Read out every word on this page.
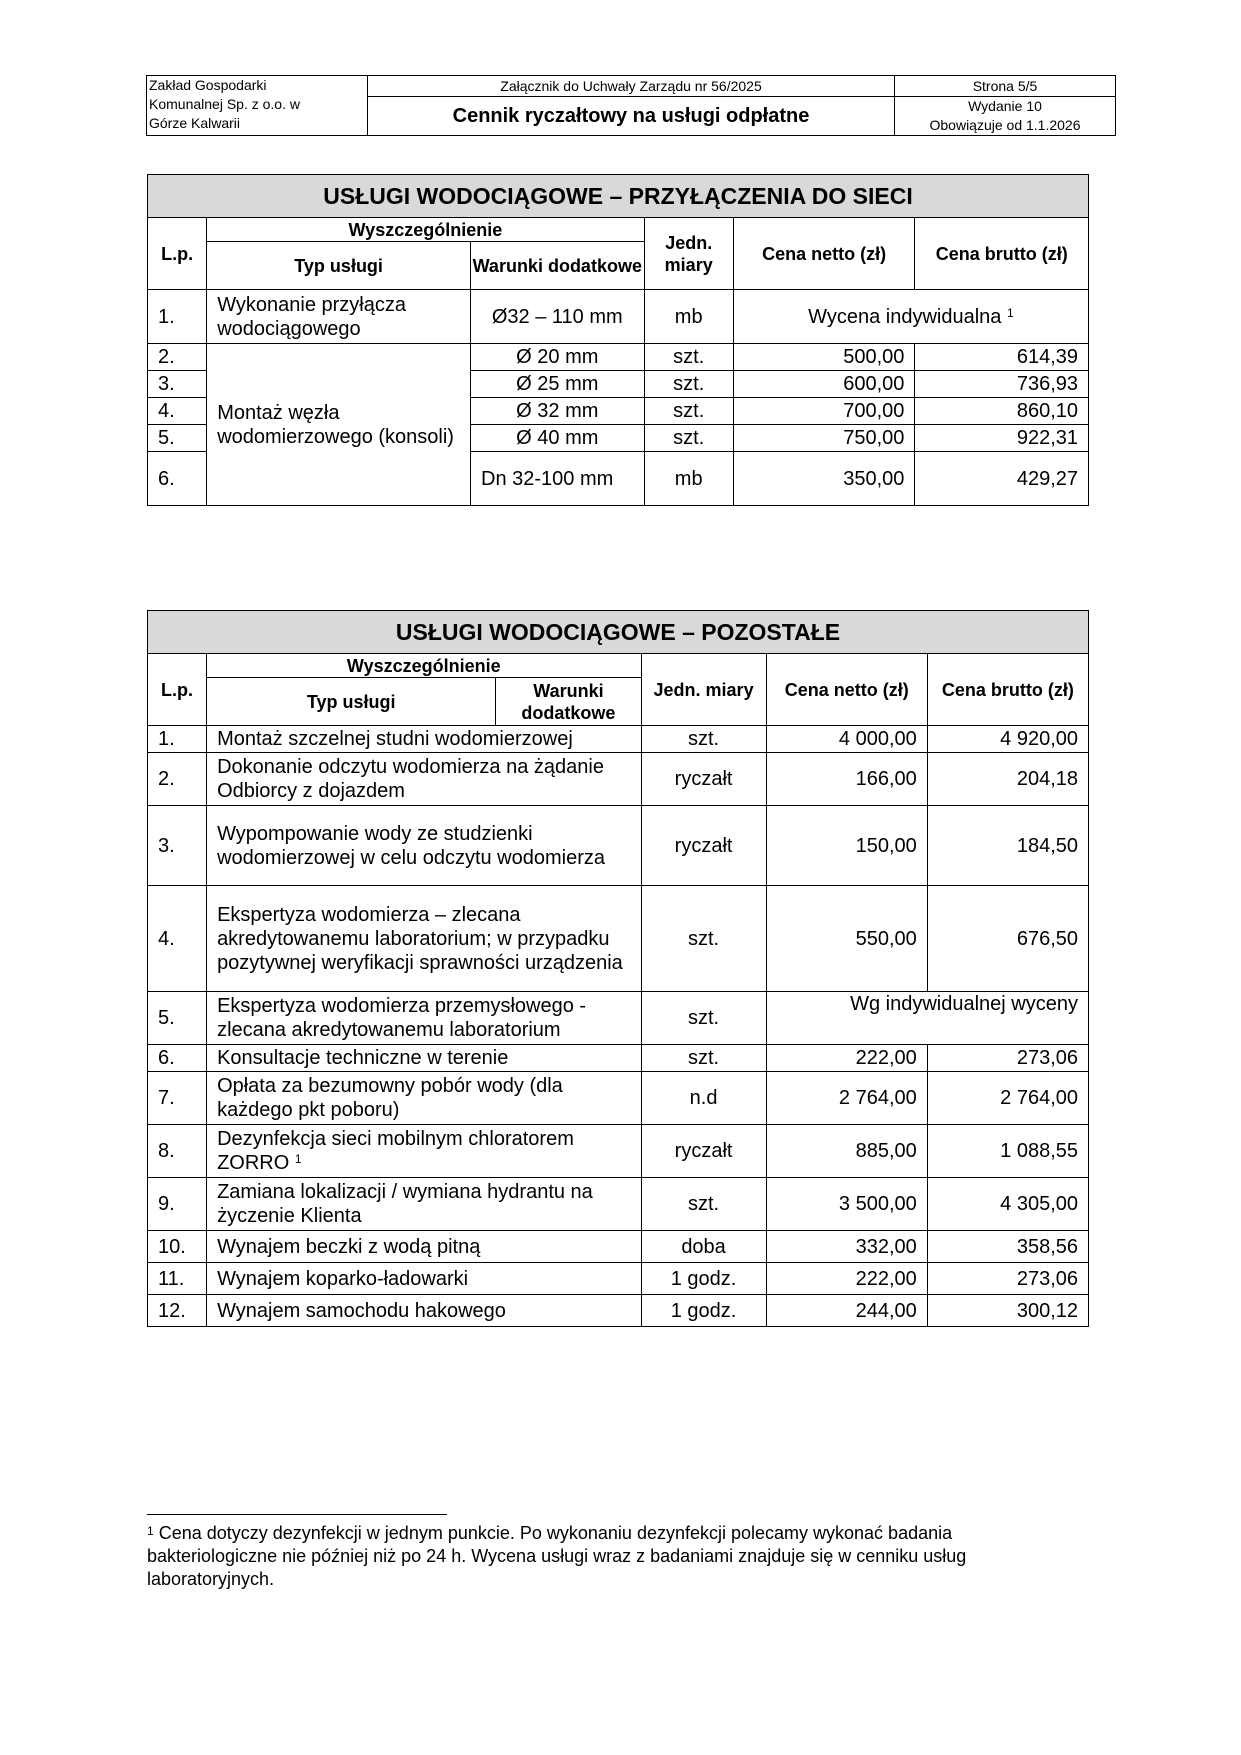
Zakład Gospodarki
Komunalnej Sp. z o.o. w
Górze Kalwarii	Załącznik do Uchwały Zarządu nr 56/2025	Strona 5/5
	Cennik ryczałtowy na usługi odpłatne	Wydanie 10
Obowiązuje od 1.1.2026
USŁUGI WODOCIĄGOWE – PRZYŁĄCZENIA DO SIECI					
L.p.	Wyszczególnienie		Jedn. miary	Cena netto (zł)	Cena brutto (zł)
	Typ usługi	Warunki dodatkowe			
1.	Wykonanie przyłącza wodociągowego	Ø32 – 110 mm	mb	Wycena indywidualna $^1$
2.	Montaż węzła wodomierzowego (konsoli)	Ø 20 mm	szt.	500,00	614,39
3.		Ø 25 mm	szt.	600,00	736,93
4.		Ø 32 mm	szt.	700,00	860,10
5.		Ø 40 mm	szt.	750,00	922,31
6.		Dn 32-100 mm	mb	350,00	429,27
USŁUGI WODOCIĄGOWE – POZOSTAŁE					
L.p.	Wyszczególnienie		Jedn. miary	Cena netto (zł)	Cena brutto (zł)
	Typ usługi	Warunki dodatkowe			
1.	Montaż szczelnej studni wodomierzowej		szt.	4 000,00	4 920,00
2.	Dokonanie odczytu wodomierza na żądanie Odbiorcy z dojazdem		ryczałt	166,00	204,18
3.	Wypompowanie wody ze studzienki wodomierzowej w celu odczytu wodomierza		ryczałt	150,00	184,50
4.	Ekspertyza wodomierza – zlecana akredytowanemu laboratorium; w przypadku pozytywnej weryfikacji sprawności urządzenia		szt.	550,00	676,50
5.	Ekspertyza wodomierza przemysłowego - zlecana akredytowanemu laboratorium		szt.	Wg indywidualnej wyceny	
6.	Konsultacje techniczne w terenie		szt.	222,00	273,06
7.	Opłata za bezumowny pobór wody (dla każdego pkt poboru)		n.d	2 764,00	2 764,00
8.	Dezynfekcja sieci mobilnym chloratorem ZORRO $^1$		ryczałt	885,00	1 088,55
9.	Zamiana lokalizacji / wymiana hydrantu na życzenie Klienta		szt.	3 500,00	4 305,00
10.	Wynajem beczki z wodą pitną		doba	332,00	358,56
11.	Wynajem koparko-ładowarki		1 godz.	222,00	273,06
12.	Wynajem samochodu hakowego		1 godz.	244,00	300,12
$^1$ Cena dotyczy dezynfekcji w jednym punkcie. Po wykonaniu dezynfekcji polecamy wykonać badania bakteriologiczne nie później niż po 24 h. Wycena usługi wraz z badaniami znajduje się w cenniku usług laboratoryjnych.
